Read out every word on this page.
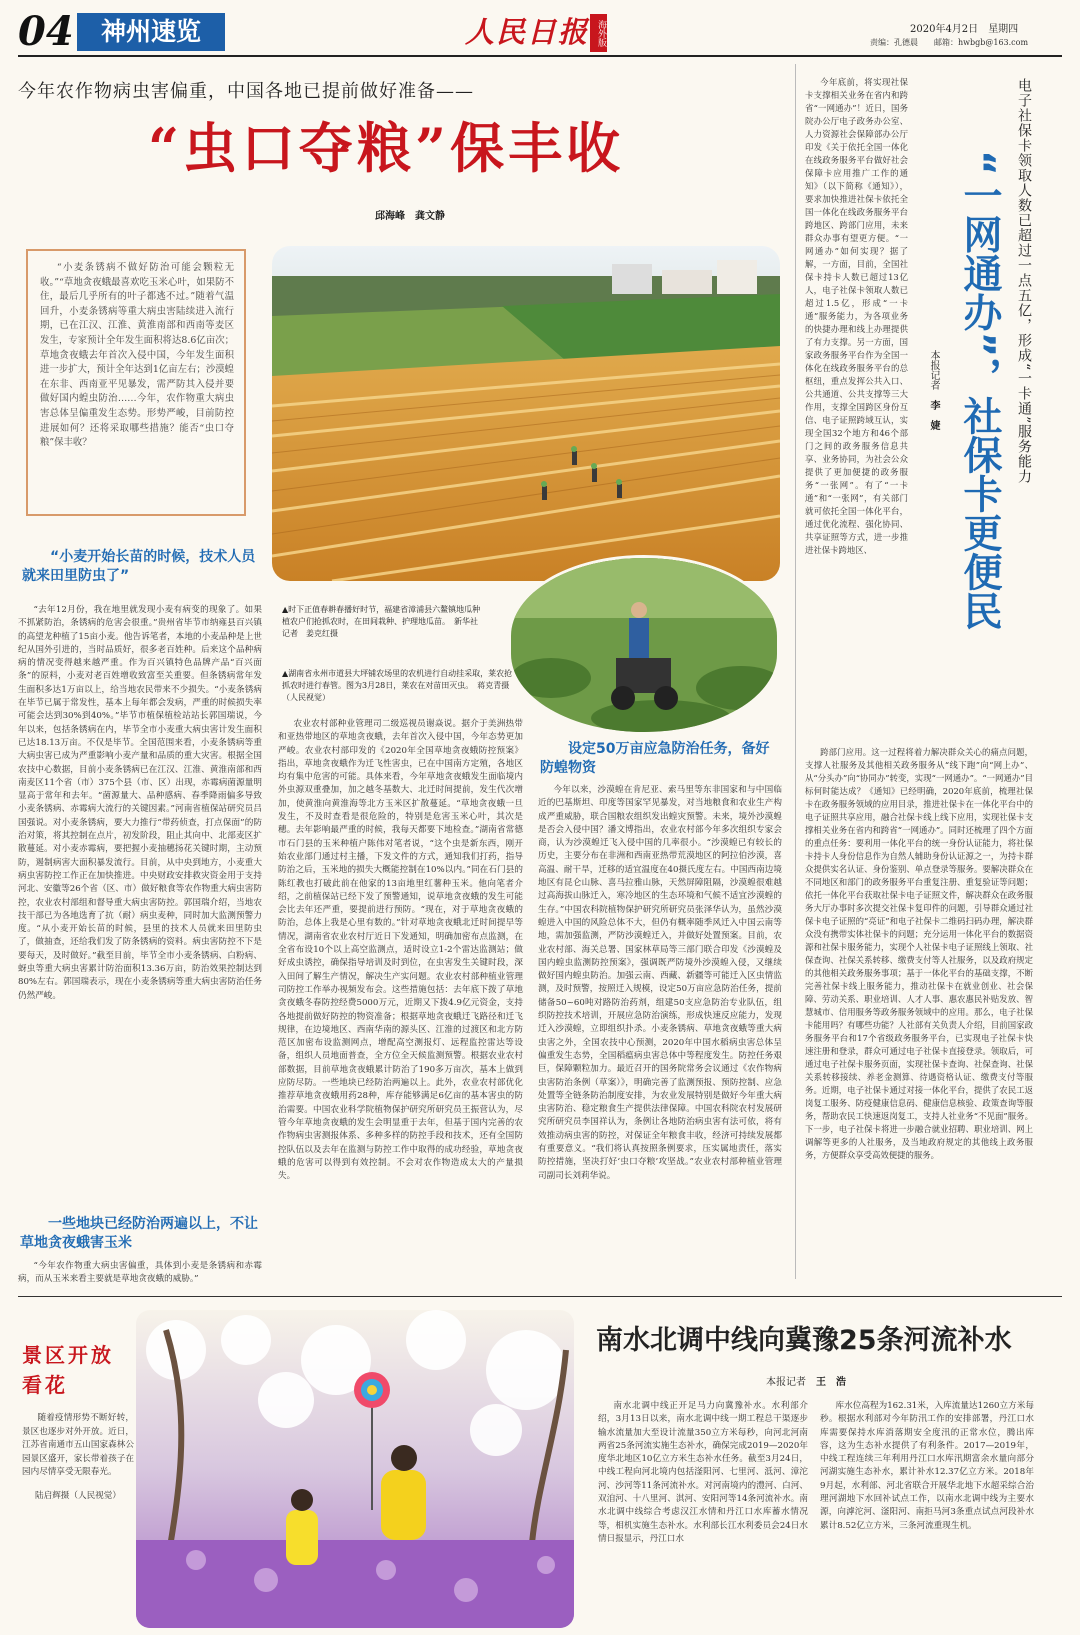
04	神州速览	人民日报 海外版	2020年4月2日　 星期四
责编：孔德晨　　 邮箱：hwbgb@163.com
今年农作物病虫害偏重，中国各地已提前做好准备——
“虫口夺粮”保丰收
邱海峰　龚文静

“小麦条锈病不做好防治可能会颗粒无收。”“草地贪夜蛾最喜欢吃玉米心叶，如果防不住，最后几乎所有的叶子都逃不过。”随着气温回升，小麦条锈病等重大病虫害陆续进入流行期，已在江汉、江淮、黄淮南部和西南等麦区发生，专家预计全年发生面积将达8.6亿亩次；草地贪夜蛾去年首次入侵中国，今年发生面积进一步扩大，预计全年达到1亿亩左右；沙漠蝗在东非、西南亚平见暴发，需严防其入侵并要做好国内蝗虫防治……今年，农作物重大病虫害总体呈偏重发生态势。形势严峻，目前防控进展如何？还将采取哪些措施？能否“虫口夺粮”保丰收？

“小麦开始长苗的时候，技术人员就来田里防虫了”
▲时下正值春耕春播好时节，福建省漳浦县六鳌镇地瓜种植农户们抢抓农时，在田间栽种、护理地瓜苗。　新华社记者　姜克红摄
▲湖南省永州市道县大坪铺农场里的农机进行自动挂采取，莱农抢抓农时进行春管。图为3月28日，莱农在对苗田灭虫。　蒋克青摄（人民视觉）

“去年12月份，我在地里就发现小麦有病变的现象了。如果不抓紧防治，条锈病的危害会很重。”贵州省毕节市纳雍县百兴镇的高望龙种植了15亩小麦。他告诉笔者，本地的小麦品种是上世纪从国外引进的，当时品质好，很多老百姓种。后来这个品种病病的情况变得越来越严重。作为百兴镇特色品牌产品“百兴面条”的原料，小麦对老百姓增收致富至关重要。但条锈病常年发生面积多达1万亩以上，给当地农民带来不少损失。“小麦条锈病在毕节已属于常发性，基本上每年都会发病，严重的时候损失率可能会达到30%到40%。”毕节市植保植检站站长郭国瑞说，今年以来，包括条锈病在内，毕节全市小麦重大病虫害计发生面积已达18.13万亩。不仅是毕节。全国范围来看，小麦条锈病等重大病虫害已成为严重影响小麦产量和品质的重大灾害。根据全国农技中心数据，目前小麦条锈病已在江汉、江淮、黄淮南部和西南麦区11个省（市）375个县（市、区）出现，赤霉病菌源量明显高于常年和去年。“菌源量大、品种感病、春季降雨偏多导致小麦条锈病、赤霉病大流行的关键因素。”河南省植保站研究员吕国强说。对小麦条锈病，要大力推行“带药侦查，打点保面”的防治对策，将其控制在点片，初发阶段，阻止其向中、北部麦区扩散蔓延。对小麦赤霉病，要把握小麦抽穗扬花关键时期，主动预防，遏制病害大面积暴发流行。目前，从中央到地方，小麦重大病虫害防控工作正在加快推进。中央财政安排救灾资金用于支持河北、安徽等26个省（区、市）做好粮食等农作物重大病虫害防控，农业农村部组和督导重大病虫害防控。郭国瑞介绍，当地农技干部已为各地选育了抗（耐）病虫麦种，同时加大监测预警力度。“从小麦开始长苗的时候，县里的技术人员就来田里防虫了，做抽查，还给我们发了防条锈病的资料。病虫害防控不下是要每天，及时做好。”截至目前，毕节全市小麦条锈病、白粉病、蚜虫等重大病虫害累计防治面积13.36万亩，防治效果控制达到80%左右。郭国瑞表示，现在小麦条锈病等重大病虫害防治任务仍然严峻。

一些地块已经防治两遍以上，不让草地贪夜蛾害玉米

“今年农作物重大病虫害偏重，具体到小麦是条锈病和赤霉病，而从玉米来看主要就是草地贪夜蛾的威胁。”

农业农村部种业管理司二级巡视员谢焱说。据介于美洲热带和亚热带地区的草地贪夜蛾，去年首次入侵中国，今年态势更加严峻。农业农村部印发的《2020年全国草地贪夜蛾防控预案》指出，草地贪夜蛾作为迁飞性害虫，已在中国南方定殖，各地区均有集中危害的可能。具体来看，今年草地贪夜蛾发生面临境内外虫源双重叠加，加之越冬基数大、北迁时间提前，发生代次增加，使黄淮向黄淮海等北方玉米区扩散蔓延。“草地贪夜蛾一旦发生，不及时查看是很危险的，特别是危害玉米心叶，其次是穗。去年影响最严重的时候，我每天都要下地检查。”湖南省常德市石门县的玉米种植户陈伟对笔者说，“这个虫是新东西，刚开始农业部门通过村主播，下发文件的方式，通知我们打药，指导防治之后，玉米地的损失大概能控制在10%以内。”同在石门县的陈红教也打破此前在他家的13亩地里红薯种玉米。他向笔者介绍，之前植保站已经下发了预警通知，说草地贪夜蛾的发生可能会比去年还严重，要提前进行预防。“现在，对于草地贪夜蛾的防治，总体上我是心里有数的。”针对草地贪夜蛾北迁时间提早等情况，湖南省农业农村厅近日下发通知，明确加密布点监测，在全省布设10个以上高空监测点，适时设立1-2个雷达监测站；做好成虫诱控，确保指导培训及时到位，在虫害发生关键时段，深入田间了解生产情况，解决生产实问题。农业农村部种植业管理司防控工作举办视频发布会。这些措施包括：去年底下拨了草地贪夜蛾冬春防控经费5000万元，近期又下拨4.9亿元资金，支持各地提前做好防控的物资准备；根据草地贪夜蛾迁飞路径和迁飞规律，在边境地区、西南华南的源头区、江淮的过渡区和北方防范区加密布设监测网点，增配高空测报灯、远程监控雷达等设备，组织人员地面普查，全方位全天候监测预警。根据农业农村部数据，目前草地贪夜蛾累计防治了190多万亩次，基本上做到应防尽防。一些地块已经防治两遍以上。此外，农业农村部优化推荐草地贪夜蛾用药28种，库存能够满足6亿亩的基本害虫的防治需要。中国农业科学院植物保护研究所研究员王振营认为，尽管今年草地贪夜蛾的发生会明显重于去年，但基于国内完善的农作物病虫害测报体系、多种多样的防控手段和技术，还有全国防控队伍以及去年在监测与防控工作中取得的成功经验，草地贪夜蛾的危害可以得到有效控制。不会对农作物造成太大的产量损失。

设定50万亩应急防治任务，备好防蝗物资

今年以来，沙漠蝗在肯尼亚、索马里等东非国家和与中国临近的巴基斯坦、印度等国家罕见暴发，对当地粮食和农业生产构成严重威胁，联合国粮农组织发出蝗灾预警。未来，境外沙漠蝗是否会入侵中国？潘文博指出，农业农村部今年多次组织专家会商，认为沙漠蝗迁飞入侵中国的几率很小。“沙漠蝗已有较长的历史，主要分布在非洲和西南亚热带荒漠地区的阿拉伯沙漠，喜高温、耐干旱，迁移的适宜温度在40摄氏度左右。中国西南边境地区有昆仑山脉、喜马拉雅山脉，天然屏障阻隔，沙漠蝗很难越过高海拔山脉迁入，寒冷地区的生态环境和气候不适宜沙漠蝗的生存。”中国农科院植物保护研究所研究员张泽华认为，虽然沙漠蝗进入中国的风险总体不大，但仍有概率随季风迁入中国云南等地，需加强监测，严防沙漠蝗迁入，并做好处置预案。目前，农业农村部、海关总署、国家林草局等三部门联合印发《沙漠蝗及国内蝗虫监测防控预案》，强调既严防境外沙漠蝗入侵，又继续做好国内蝗虫防治。加强云南、西藏、新疆等可能迁入区虫情监测，及时预警，按照迁入规模，设定50万亩应急防治任务，提前储备50~60吨对路防治药剂，组建50支应急防治专业队伍，组织防控技术培训，开展应急防治演练，形成快速反应能力，发现迁入沙漠蝗，立即组织扑杀。小麦条锈病、草地贪夜蛾等重大病虫害之外，全国农技中心预测，2020年中国水稻病虫害总体呈偏重发生态势，全国稻瘟病虫害总体中等程度发生。防控任务艰巨，保障颗粒加力。最近召开的国务院常务会议通过《农作物病虫害防治条例（草案）》，明确完善了监测预报、预防控制、应急处置等全链条防治制度安排，为农业发展特别是做好今年重大病虫害防治、稳定粮食生产提供法律保障。中国农科院农村发展研究所研究员李国祥认为，条例让各地防治病虫害有法可依，将有效推动病虫害的防控，对保证全年粮食丰收，经济可持续发展都有重要意义。“我们将认真按照条例要求，压实属地责任，落实防控措施，坚决打好‘虫口夺粮’攻坚战。”农业农村部种植业管理司副司长刘莉华说。

电子社保卡领取人数已超过一点五亿，形成“一卡通”服务能力
“一网通办”，社保卡更便民
本报记者　李　婕

今年底前，将实现社保卡支撑相关业务在省内和跨省“一网通办”！近日，国务院办公厅电子政务办公室、人力资源社会保障部办公厅印发《关于依托全国一体化在线政务服务平台做好社会保障卡应用推广工作的通知》（以下简称《通知》），要求加快推进社保卡依托全国一体化在线政务服务平台跨地区、跨部门应用，未来群众办事有望更方便。“一网通办”如何实现？据了解，一方面，目前，全国社保卡持卡人数已超过13亿人，电子社保卡领取人数已超过1.5亿，形成“一卡通”服务能力，为各项业务的快捷办理和线上办理提供了有力支撑。另一方面，国家政务服务平台作为全国一体化在线政务服务平台的总枢纽，重点发挥公共入口、公共通道、公共支撑等三大作用，支撑全国跨区身份互信、电子证照跨域互认，实现全国32个地方和46个部门之间的政务服务信息共享、业务协同，为社会公众提供了更加便捷的政务服务“一张网”。有了“一卡通”和“一张网”，有关部门就可依托全国一体化平台，通过优化流程、强化协同、共享证照等方式，进一步推进社保卡跨地区、

跨部门应用。这一过程将着力解决群众关心的痛点问题，支撑人社服务及其他相关政务服务从“线下跑”向“网上办”、从“分头办”向“协同办”转变，实现“一网通办”。“一网通办”目标何时能达成？《通知》已经明确，2020年底前，梳理社保卡在政务服务领域的应用目录，推进社保卡在一体化平台中的电子证照共享应用，融合社保卡线上线下应用，实现社保卡支撑相关业务在省内和跨省“一网通办”。同时还梳理了四个方面的重点任务：要利用一体化平台的统一身份认证能力，将社保卡持卡人身份信息作为自然人辅助身份认证源之一，为持卡群众提供实名认证、身份鉴别、单点登录等服务。要解决群众在不同地区和部门的政务服务平台重复注册、重复验证等问题；依托一体化平台获取社保卡电子证照文件，解决群众在政务服务大厅办事时多次提交社保卡复印件的问题，引导群众通过社保卡电子证照的“亮证”和电子社保卡二维码扫码办理，解决群众没有携带实体社保卡的问题；充分运用一体化平台的数据资源和社保卡服务能力，实现个人社保卡电子证照线上领取、社保查询、社保关系转移、缴费支付等人社服务，以及政府规定的其他相关政务服务事项；基于一体化平台的基础支撑，不断完善社保卡线上服务能力，推动社保卡在就业创业、社会保障、劳动关系、职业培训、人才人事、惠农惠民补贴发放、智慧城市、信用服务等政务服务领域中的应用。那么，电子社保卡能用吗？有哪些功能？人社部有关负责人介绍，目前国家政务服务平台和17个省级政务服务平台，已实现电子社保卡快速注册和登录，群众可通过电子社保卡直接登录。领取后，可通过电子社保卡服务页面，实现社保卡查询、社保查询、社保关系转移接续、养老金测算、待遇资格认证、缴费支付等服务。近期，电子社保卡通过对接一体化平台，提供了农民工返岗复工服务、防疫健康信息码、健康信息核验、政策查询等服务，帮助农民工快速返岗复工，支持人社业务“不见面”服务。下一步，电子社保卡将进一步融合就业招聘、职业培训、网上调解等更多的人社服务，及当地政府规定的其他线上政务服务，方便群众享受高效便捷的服务。

景区开放看花

随着疫情形势不断好转，景区也逐步对外开放。近日，江苏省南通市五山国家森林公园景区盛开，家长带着孩子在园内尽情享受无限春光。

陆启辉摄（人民视觉）

南水北调中线向冀豫25条河流补水
本报记者　 王　浩

南水北调中线正开足马力向冀豫补水。水利部介绍，3月13日以来，南水北调中线一期工程总干渠逐步输水流量加大至设计流量350立方米每秒，向河北河南两省25条河流实施生态补水，确保完成2019—2020年度华北地区10亿立方米生态补水任务。截至3月24日，中线工程向河北境内包括滏阳河、七里河、泜河、漳沱河、沙河等11条河流补水。对河南境内的澧河、白河、双洎河、十八里河、淇河、安阳河等14条河流补水。南水北调中线综合考虑汉江水情和丹江口水库蓄水情况等，相机实施生态补水。水利部长江水利委员会24日水情日报显示，丹江口水

库水位高程为162.31米，入库流量达1260立方米每秒。根据水利部对今年防汛工作的安排部署，丹江口水库需要保持水库消落期安全度汛的正常水位，腾出库容，这为生态补水提供了有利条件。2017—2019年，中线工程连续三年利用丹江口水库汛期富余水量向部分河湖实施生态补水，累计补水12.37亿立方米。2018年9月起，水利部、河北省联合开展华北地下水超采综合治理河湖地下水回补试点工作，以南水北调中线为主要水源，向滹沱河、滏阳河、南拒马河3条重点试点河段补水累计8.52亿立方米，三条河流重现生机。
